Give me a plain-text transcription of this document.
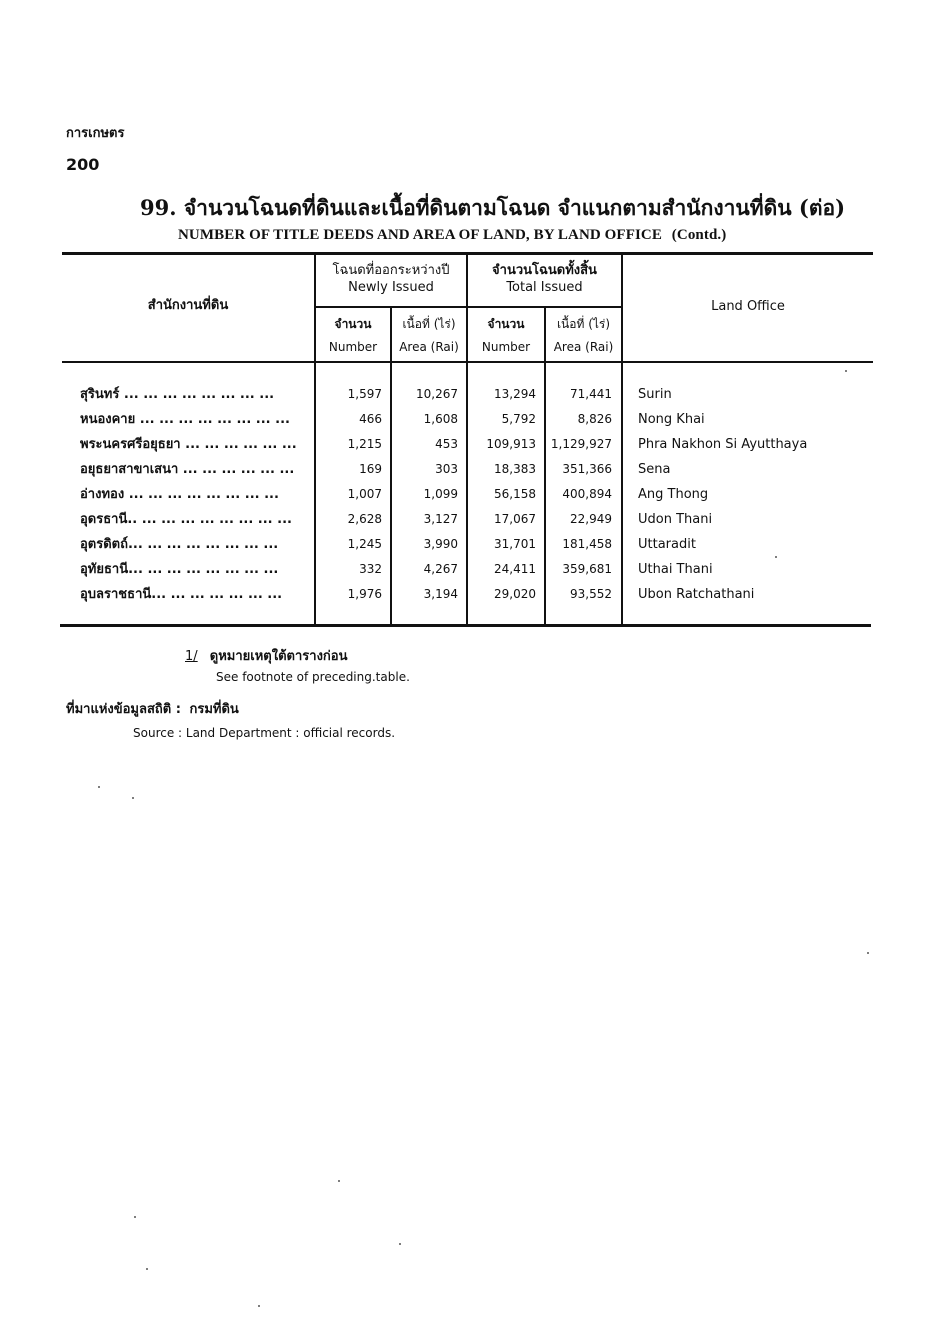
การเกษตร
200
99. จำนวนโฉนดที่ดินและเนื้อที่ดินตามโฉนด จำแนกตามสำนักงานที่ดิน (ต่อ)
NUMBER OF TITLE DEEDS AND AREA OF LAND, BY LAND OFFICE (Contd.)
สำนักงานที่ดิน
โฉนดที่ออกระหว่างปี
Newly Issued
จำนวนโฉนดทั้งสิ้น
Total Issued
จำนวน
Number
เนื้อที่ (ไร่)
Area (Rai)
จำนวน
Number
เนื้อที่ (ไร่)
Area (Rai)
Land Office
สุรินทร์ ... ... ... ... ... ... ... ...	1,597	10,267	13,294	71,441 Surin
หนองคาย ... ... ... ... ... ... ... ...	466	1,608	5,792	8,826 Nong Khai
พระนครศรีอยุธยา ... ... ... ... ... ...	1,215	453	109,913	1,129,927 Phra Nakhon Si Ayutthaya
อยุธยาสาขาเสนา ... ... ... ... ... ...	169	303	18,383	351,366 Sena
อ่างทอง ... ... ... ... ... ... ... ...	1,007	1,099	56,158	400,894 Ang Thong
อุดรธานี.. ... ... ... ... ... ... ... ...	2,628	3,127	17,067	22,949 Udon Thani
อุตรดิตถ์... ... ... ... ... ... ... ...	1,245	3,990	31,701	181,458 Uttaradit
อุทัยธานี... ... ... ... ... ... ... ...	332	4,267	24,411	359,681 Uthai Thani
อุบลราชธานี... ... ... ... ... ... ...	1,976	3,194	29,020	93,552 Ubon Ratchathani
1/ ดูหมายเหตุใต้ตารางก่อน
See footnote of preceding.table.
ที่มาแห่งข้อมูลสถิติ : กรมที่ดิน
Source : Land Department : official records.
